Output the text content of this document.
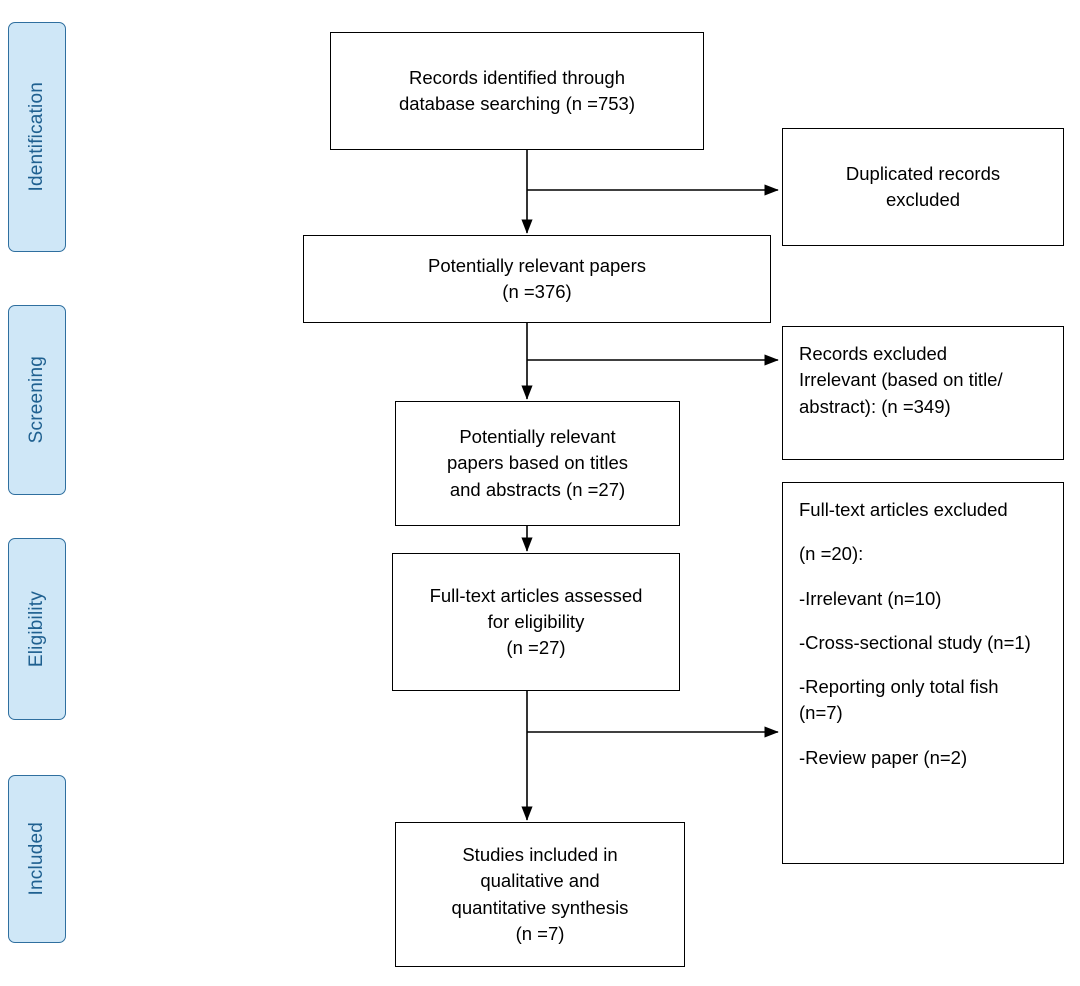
Identification
Screening
Eligibility
Included

Records identified through

database searching (n =753)

Duplicated records

excluded

Potentially relevant papers

(n =376)

Records excluded

Irrelevant (based on title/

abstract): (n =349)

Potentially relevant

papers based on titles

and abstracts (n =27)

Full-text articles assessed

for eligibility

(n =27)

Full-text articles excluded

(n =20):

-Irrelevant (n=10)

-Cross-sectional study (n=1)

-Reporting only total fish (n=7)

-Review paper (n=2)

Studies included in

qualitative and

quantitative synthesis

(n =7)
